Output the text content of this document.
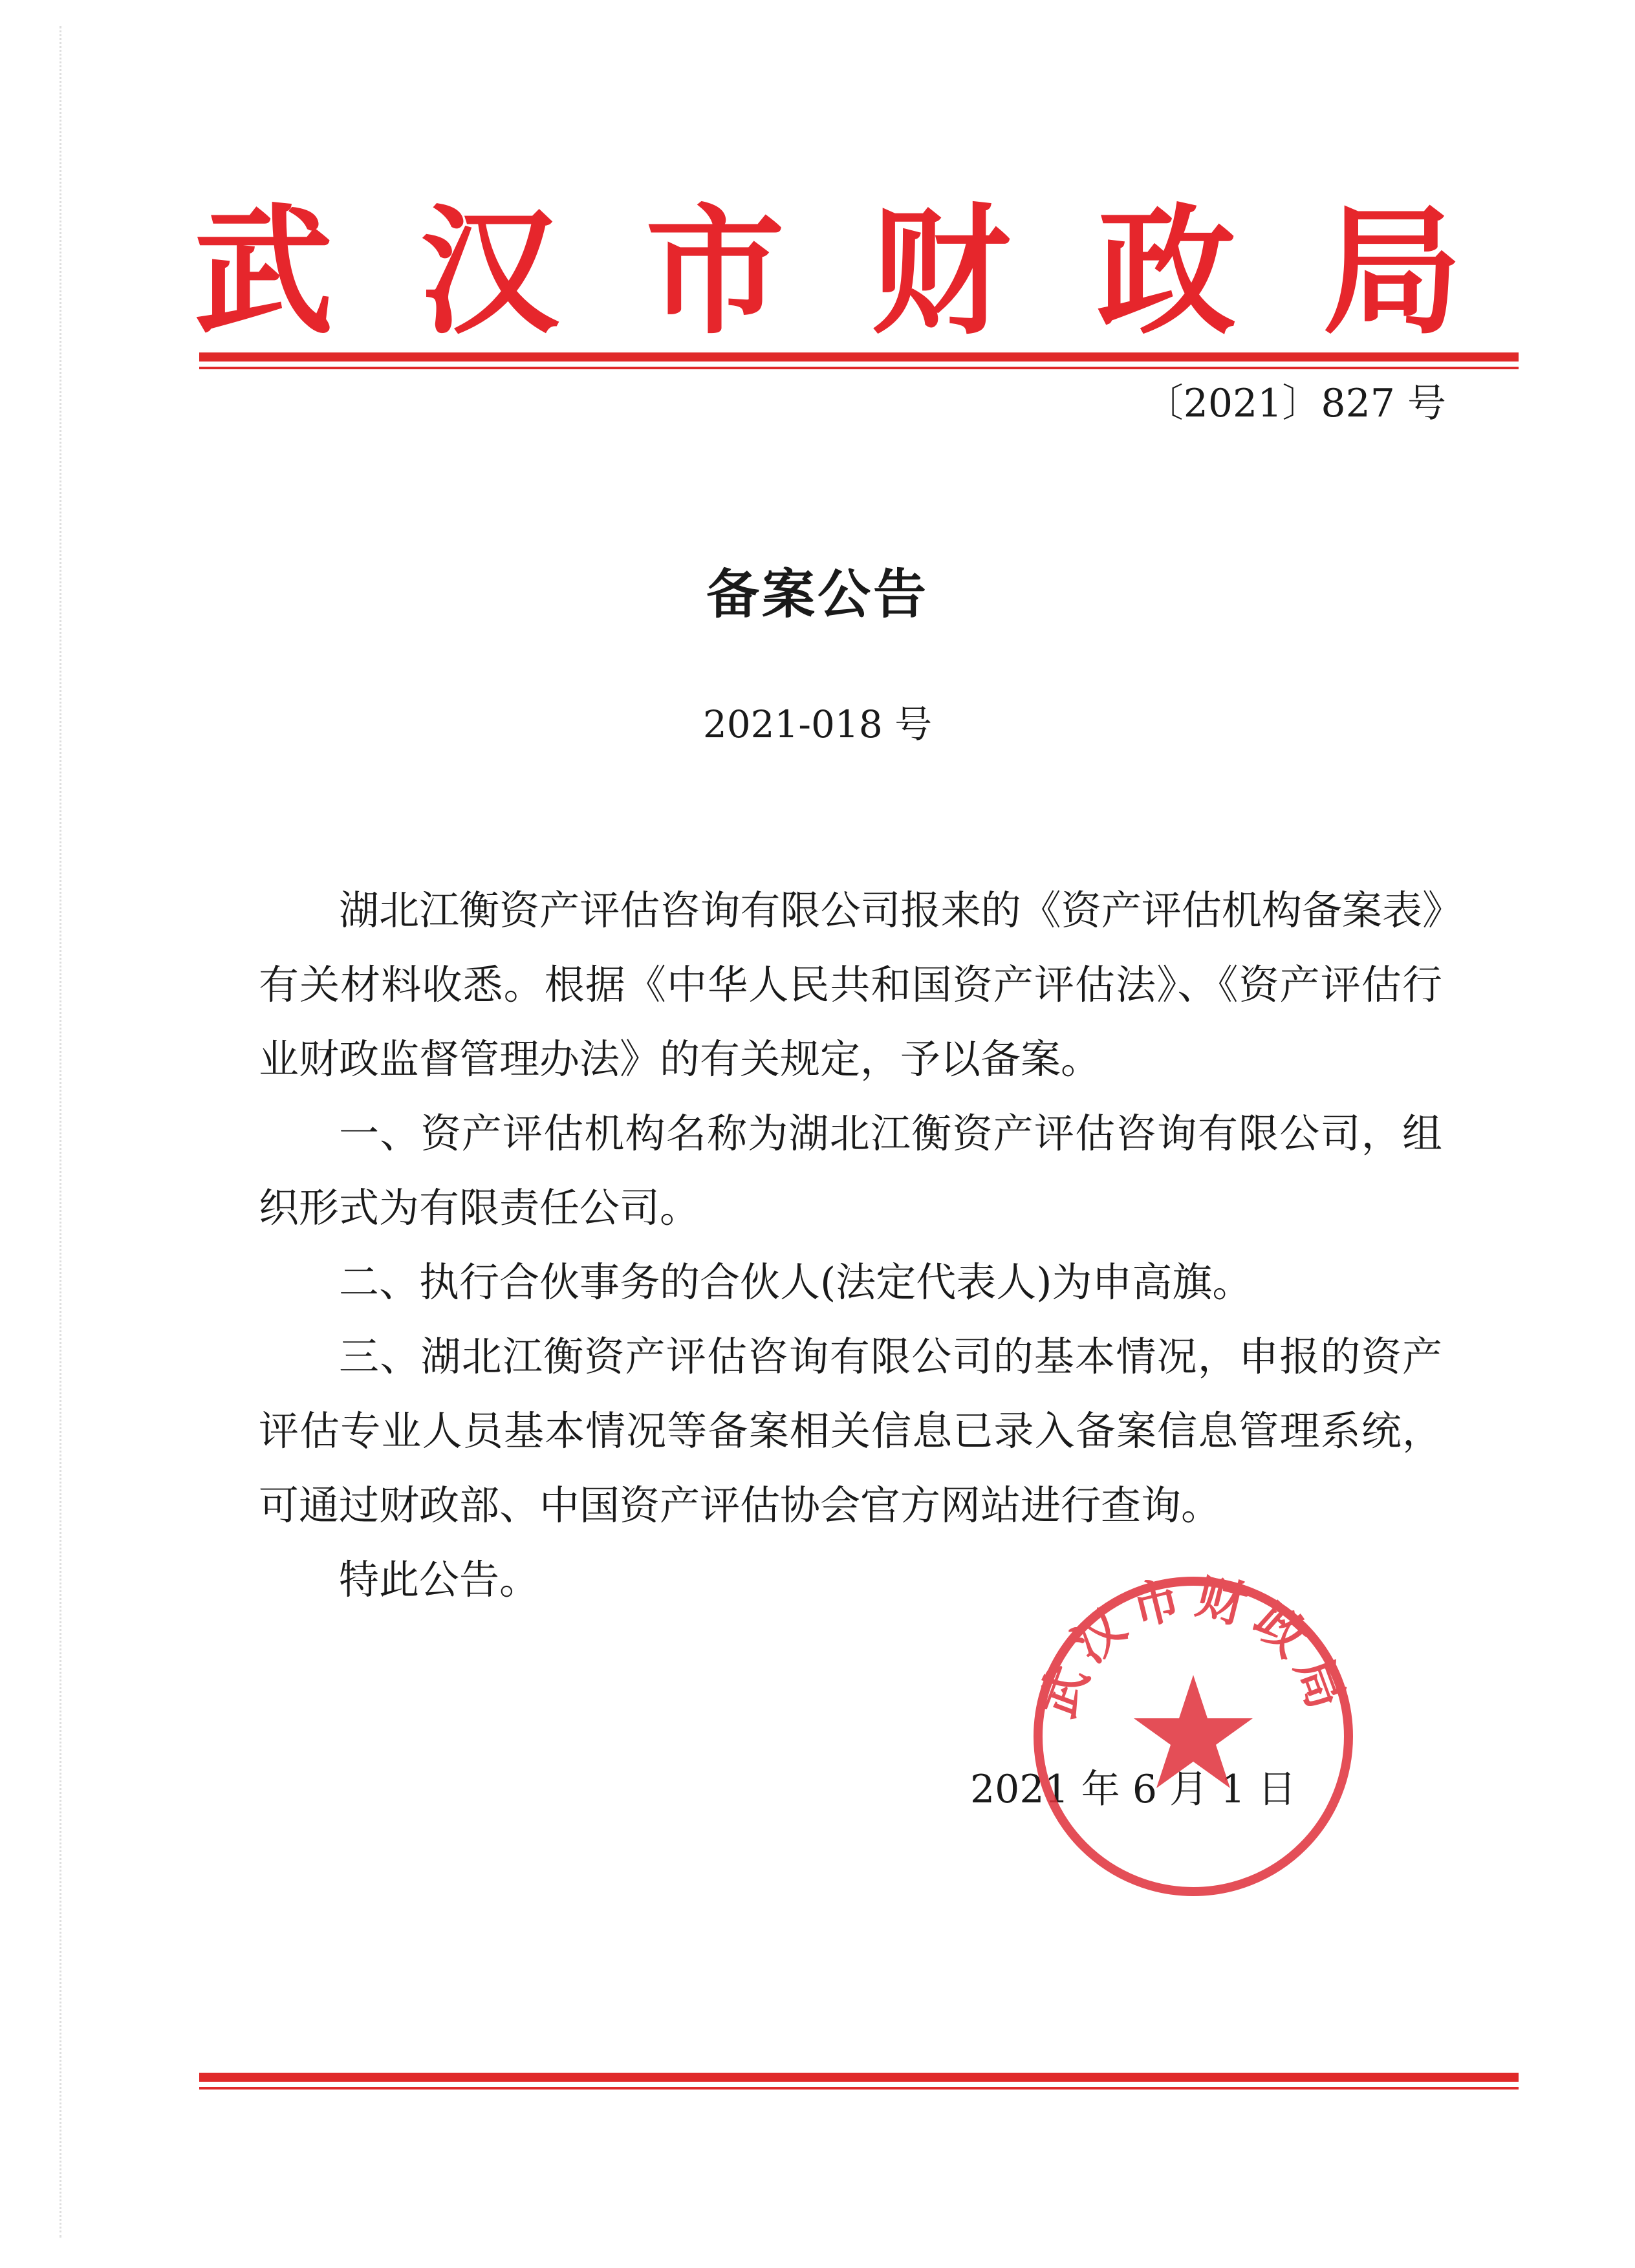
武 汉 市 财 政 局
〔2021〕827 号
备案公告
2021-018 号

湖北江衡资产评估咨询有限公司报来的《资产评估机构备案表》有关材料收悉。根据《中华人民共和国资产评估法》、《资产评估行业财政监督管理办法》的有关规定，予以备案。

一、资产评估机构名称为湖北江衡资产评估咨询有限公司，组织形式为有限责任公司。

二、执行合伙事务的合伙人(法定代表人)为申高旗。

三、湖北江衡资产评估咨询有限公司的基本情况，申报的资产评估专业人员基本情况等备案相关信息已录入备案信息管理系统，可通过财政部、中国资产评估协会官方网站进行查询。

特此公告。

2021 年 6 月 1 日
武汉市财政局
